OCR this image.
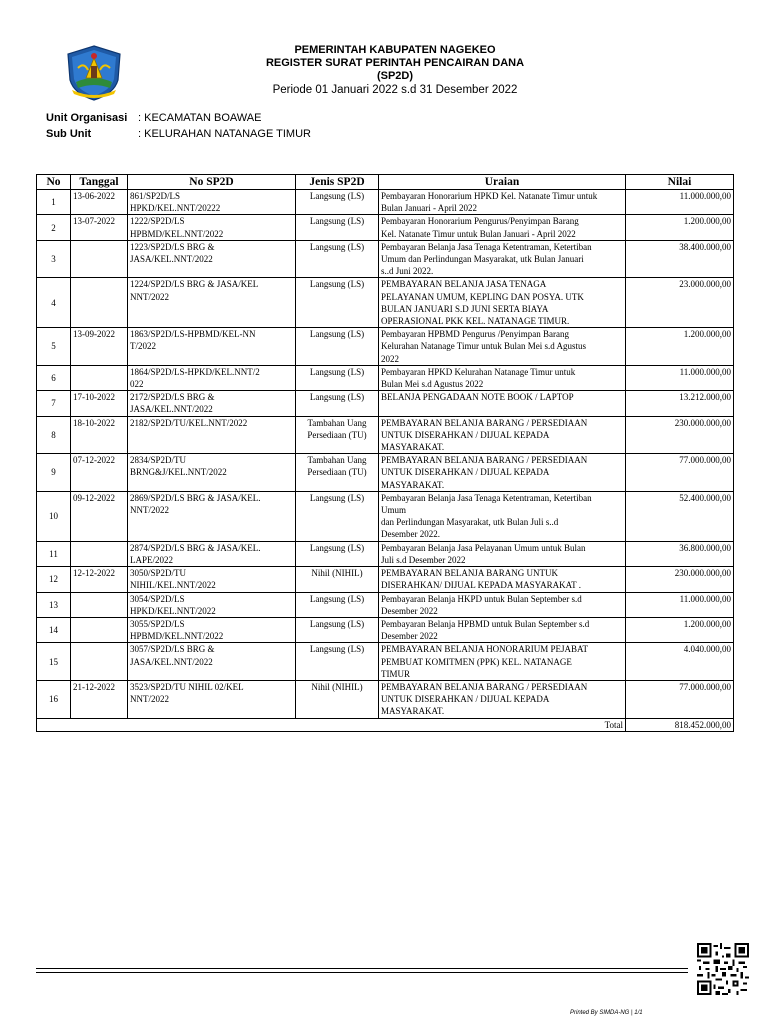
PEMERINTAH KABUPATEN NAGEKEO
REGISTER SURAT PERINTAH PENCAIRAN DANA
(SP2D)
Periode 01 Januari 2022 s.d 31 Desember 2022
Unit Organisasi : KECAMATAN BOAWAE
Sub Unit	: KELURAHAN NATANAGE TIMUR
No	Tanggal	No SP2D	Jenis SP2D	Uraian	Nilai
1	13-06-2022	861/SP2D/LS
HPKD/KEL.NNT/20222	Langsung (LS)	Pembayaran Honorarium HPKD Kel. Natanate Timur untuk
Bulan Januari - April 2022	11.000.000,00
2	13-07-2022	1222/SP2D/LS
HPBMD/KEL.NNT/2022	Langsung (LS)	Pembayaran Honorarium Pengurus/Penyimpan Barang
Kel. Natanate Timur untuk Bulan Januari - April 2022	1.200.000,00
3		1223/SP2D/LS BRG &
JASA/KEL.NNT/2022	Langsung (LS)	Pembayaran Belanja Jasa Tenaga Ketentraman, Ketertiban
Umum dan Perlindungan Masyarakat, utk Bulan Januari
s..d Juni 2022.	38.400.000,00
4		1224/SP2D/LS BRG & JASA/KEL
NNT/2022	Langsung (LS)	PEMBAYARAN BELANJA JASA TENAGA
PELAYANAN UMUM, KEPLING DAN POSYA. UTK
BULAN JANUARI S.D JUNI SERTA BIAYA
OPERASIONAL PKK KEL. NATANAGE TIMUR.	23.000.000,00
5	13-09-2022	1863/SP2D/LS-HPBMD/KEL-NN
T/2022	Langsung (LS)	Pembayaran HPBMD Pengurus /Penyimpan Barang
Kelurahan Natanage Timur untuk Bulan Mei s.d Agustus
2022	1.200.000,00
6		1864/SP2D/LS-HPKD/KEL.NNT/2
022	Langsung (LS)	Pembayaran HPKD Kelurahan Natanage Timur untuk
Bulan Mei s.d Agustus 2022	11.000.000,00
7	17-10-2022	2172/SP2D/LS BRG &
JASA/KEL.NNT/2022	Langsung (LS)	BELANJA PENGADAAN NOTE BOOK / LAPTOP	13.212.000,00
8	18-10-2022	2182/SP2D/TU/KEL.NNT/2022	Tambahan Uang
Persediaan (TU)	PEMBAYARAN BELANJA BARANG / PERSEDIAAN
UNTUK DISERAHKAN / DIJUAL KEPADA
MASYARAKAT.	230.000.000,00
9	07-12-2022	2834/SP2D/TU
BRNG&J/KEL.NNT/2022	Tambahan Uang
Persediaan (TU)	PEMBAYARAN BELANJA BARANG / PERSEDIAAN
UNTUK DISERAHKAN / DIJUAL KEPADA
MASYARAKAT.	77.000.000,00
10	09-12-2022	2869/SP2D/LS BRG & JASA/KEL.
NNT/2022	Langsung (LS)	Pembayaran Belanja Jasa Tenaga Ketentraman, Ketertiban
Umum
dan Perlindungan Masyarakat, utk Bulan Juli s..d
Desember 2022.	52.400.000,00
11		2874/SP2D/LS BRG & JASA/KEL.
LAPE/2022	Langsung (LS)	Pembayaran Belanja Jasa Pelayanan Umum untuk Bulan
Juli s.d Desember 2022	36.800.000,00
12	12-12-2022	3050/SP2D/TU
NIHIL/KEL.NNT/2022	Nihil (NIHIL)	PEMBAYARAN BELANJA BARANG UNTUK
DISERAHKAN/ DIJUAL KEPADA MASYARAKAT .	230.000.000,00
13		3054/SP2D/LS
HPKD/KEL.NNT/2022	Langsung (LS)	Pembayaran Belanja HKPD untuk Bulan September s.d
Desember 2022	11.000.000,00
14		3055/SP2D/LS
HPBMD/KEL.NNT/2022	Langsung (LS)	Pembayaran Belanja HPBMD untuk Bulan September s.d
Desember 2022	1.200.000,00
15		3057/SP2D/LS BRG &
JASA/KEL.NNT/2022	Langsung (LS)	PEMBAYARAN BELANJA HONORARIUM PEJABAT
PEMBUAT KOMITMEN (PPK) KEL. NATANAGE
TIMUR	4.040.000,00
16	21-12-2022	3523/SP2D/TU NIHIL 02/KEL
NNT/2022	Nihil (NIHIL)	PEMBAYARAN BELANJA BARANG / PERSEDIAAN
UNTUK DISERAHKAN / DIJUAL KEPADA
MASYARAKAT.	77.000.000,00
Total					818.452.000,00
Printed By SIMDA-NG | 1/1
